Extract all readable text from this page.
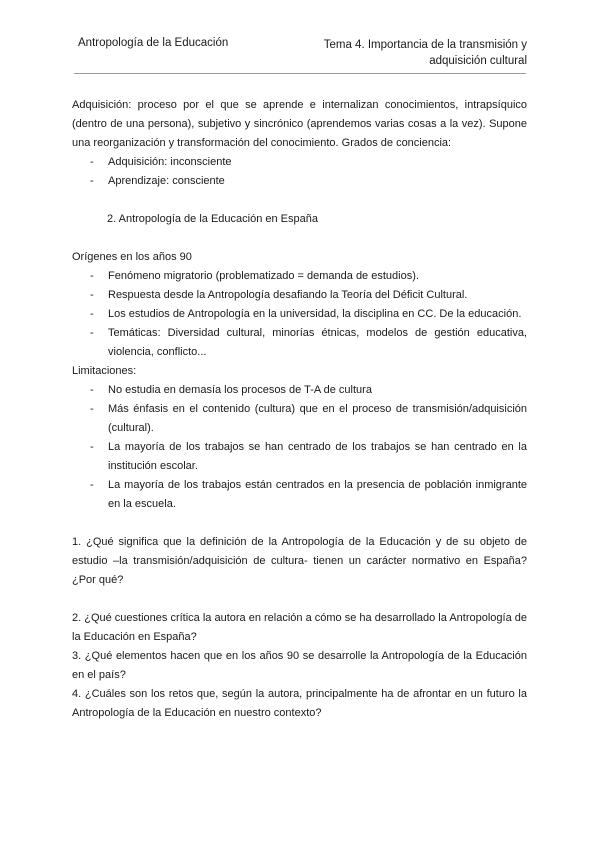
Antropología de la Educación	Tema 4. Importancia de la transmisión y
adquisición cultural

Adquisición: proceso por el que se aprende e internalizan conocimientos, intrapsíquico (dentro de una persona), subjetivo y sincrónico (aprendemos varias cosas a la vez). Supone una reorganización y transformación del conocimiento. Grados de conciencia:

- Adquisición: inconsciente
- Aprendizaje: consciente
2. Antropología de la Educación en España

Orígenes en los años 90

- Fenómeno migratorio (problematizado = demanda de estudios).
- Respuesta desde la Antropología desafiando la Teoría del Déficit Cultural.
- Los estudios de Antropología en la universidad, la disciplina en CC. De la educación.
- Temáticas: Diversidad cultural, minorías étnicas, modelos de gestión educativa, violencia, conflicto...

Limitaciones:

- No estudia en demasía los procesos de T-A de cultura
- Más énfasis en el contenido (cultura) que en el proceso de transmisión/adquisición (cultural).
- La mayoría de los trabajos se han centrado de los trabajos se han centrado en la institución escolar.
- La mayoría de los trabajos están centrados en la presencia de población inmigrante en la escuela.

1. ¿Qué significa que la definición de la Antropología de la Educación y de su objeto de estudio –la transmisión/adquisición de cultura- tienen un carácter normativo en España? ¿Por qué?

2. ¿Qué cuestiones crítica la autora en relación a cómo se ha desarrollado la Antropología de la Educación en España?

3. ¿Qué elementos hacen que en los años 90 se desarrolle la Antropología de la Educación en el país?

4. ¿Cuáles son los retos que, según la autora, principalmente ha de afrontar en un futuro la Antropología de la Educación en nuestro contexto?
